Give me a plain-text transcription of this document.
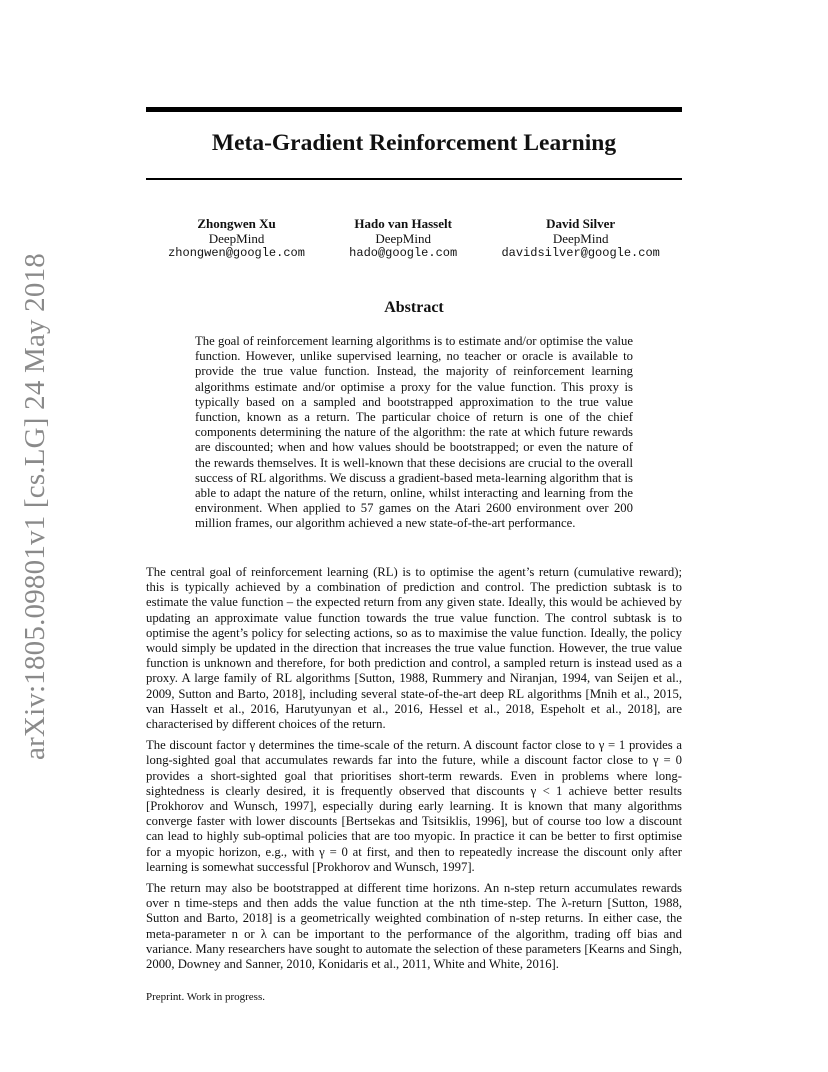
arXiv:1805.09801v1 [cs.LG] 24 May 2018
Meta-Gradient Reinforcement Learning
Zhongwen Xu
DeepMind
zhongwen@google.com
Hado van Hasselt
DeepMind
hado@google.com
David Silver
DeepMind
davidsilver@google.com
Abstract

The goal of reinforcement learning algorithms is to estimate and/or optimise the value function. However, unlike supervised learning, no teacher or oracle is available to provide the true value function. Instead, the majority of reinforcement learning algorithms estimate and/or optimise a proxy for the value function. This proxy is typically based on a sampled and bootstrapped approximation to the true value function, known as a return. The particular choice of return is one of the chief components determining the nature of the algorithm: the rate at which future rewards are discounted; when and how values should be bootstrapped; or even the nature of the rewards themselves. It is well-known that these decisions are crucial to the overall success of RL algorithms. We discuss a gradient-based meta-learning algorithm that is able to adapt the nature of the return, online, whilst interacting and learning from the environment. When applied to 57 games on the Atari 2600 environment over 200 million frames, our algorithm achieved a new state-of-the-art performance.

The central goal of reinforcement learning (RL) is to optimise the agent’s return (cumulative reward); this is typically achieved by a combination of prediction and control. The prediction subtask is to estimate the value function – the expected return from any given state. Ideally, this would be achieved by updating an approximate value function towards the true value function. The control subtask is to optimise the agent’s policy for selecting actions, so as to maximise the value function. Ideally, the policy would simply be updated in the direction that increases the true value function. However, the true value function is unknown and therefore, for both prediction and control, a sampled return is instead used as a proxy. A large family of RL algorithms [Sutton, 1988, Rummery and Niranjan, 1994, van Seijen et al., 2009, Sutton and Barto, 2018], including several state-of-the-art deep RL algorithms [Mnih et al., 2015, van Hasselt et al., 2016, Harutyunyan et al., 2016, Hessel et al., 2018, Espeholt et al., 2018], are characterised by different choices of the return.

The discount factor γ determines the time-scale of the return. A discount factor close to γ = 1 provides a long-sighted goal that accumulates rewards far into the future, while a discount factor close to γ = 0 provides a short-sighted goal that prioritises short-term rewards. Even in problems where long-sightedness is clearly desired, it is frequently observed that discounts γ < 1 achieve better results [Prokhorov and Wunsch, 1997], especially during early learning. It is known that many algorithms converge faster with lower discounts [Bertsekas and Tsitsiklis, 1996], but of course too low a discount can lead to highly sub-optimal policies that are too myopic. In practice it can be better to first optimise for a myopic horizon, e.g., with γ = 0 at first, and then to repeatedly increase the discount only after learning is somewhat successful [Prokhorov and Wunsch, 1997].

The return may also be bootstrapped at different time horizons. An n-step return accumulates rewards over n time-steps and then adds the value function at the nth time-step. The λ-return [Sutton, 1988, Sutton and Barto, 2018] is a geometrically weighted combination of n-step returns. In either case, the meta-parameter n or λ can be important to the performance of the algorithm, trading off bias and variance. Many researchers have sought to automate the selection of these parameters [Kearns and Singh, 2000, Downey and Sanner, 2010, Konidaris et al., 2011, White and White, 2016].

Preprint. Work in progress.
